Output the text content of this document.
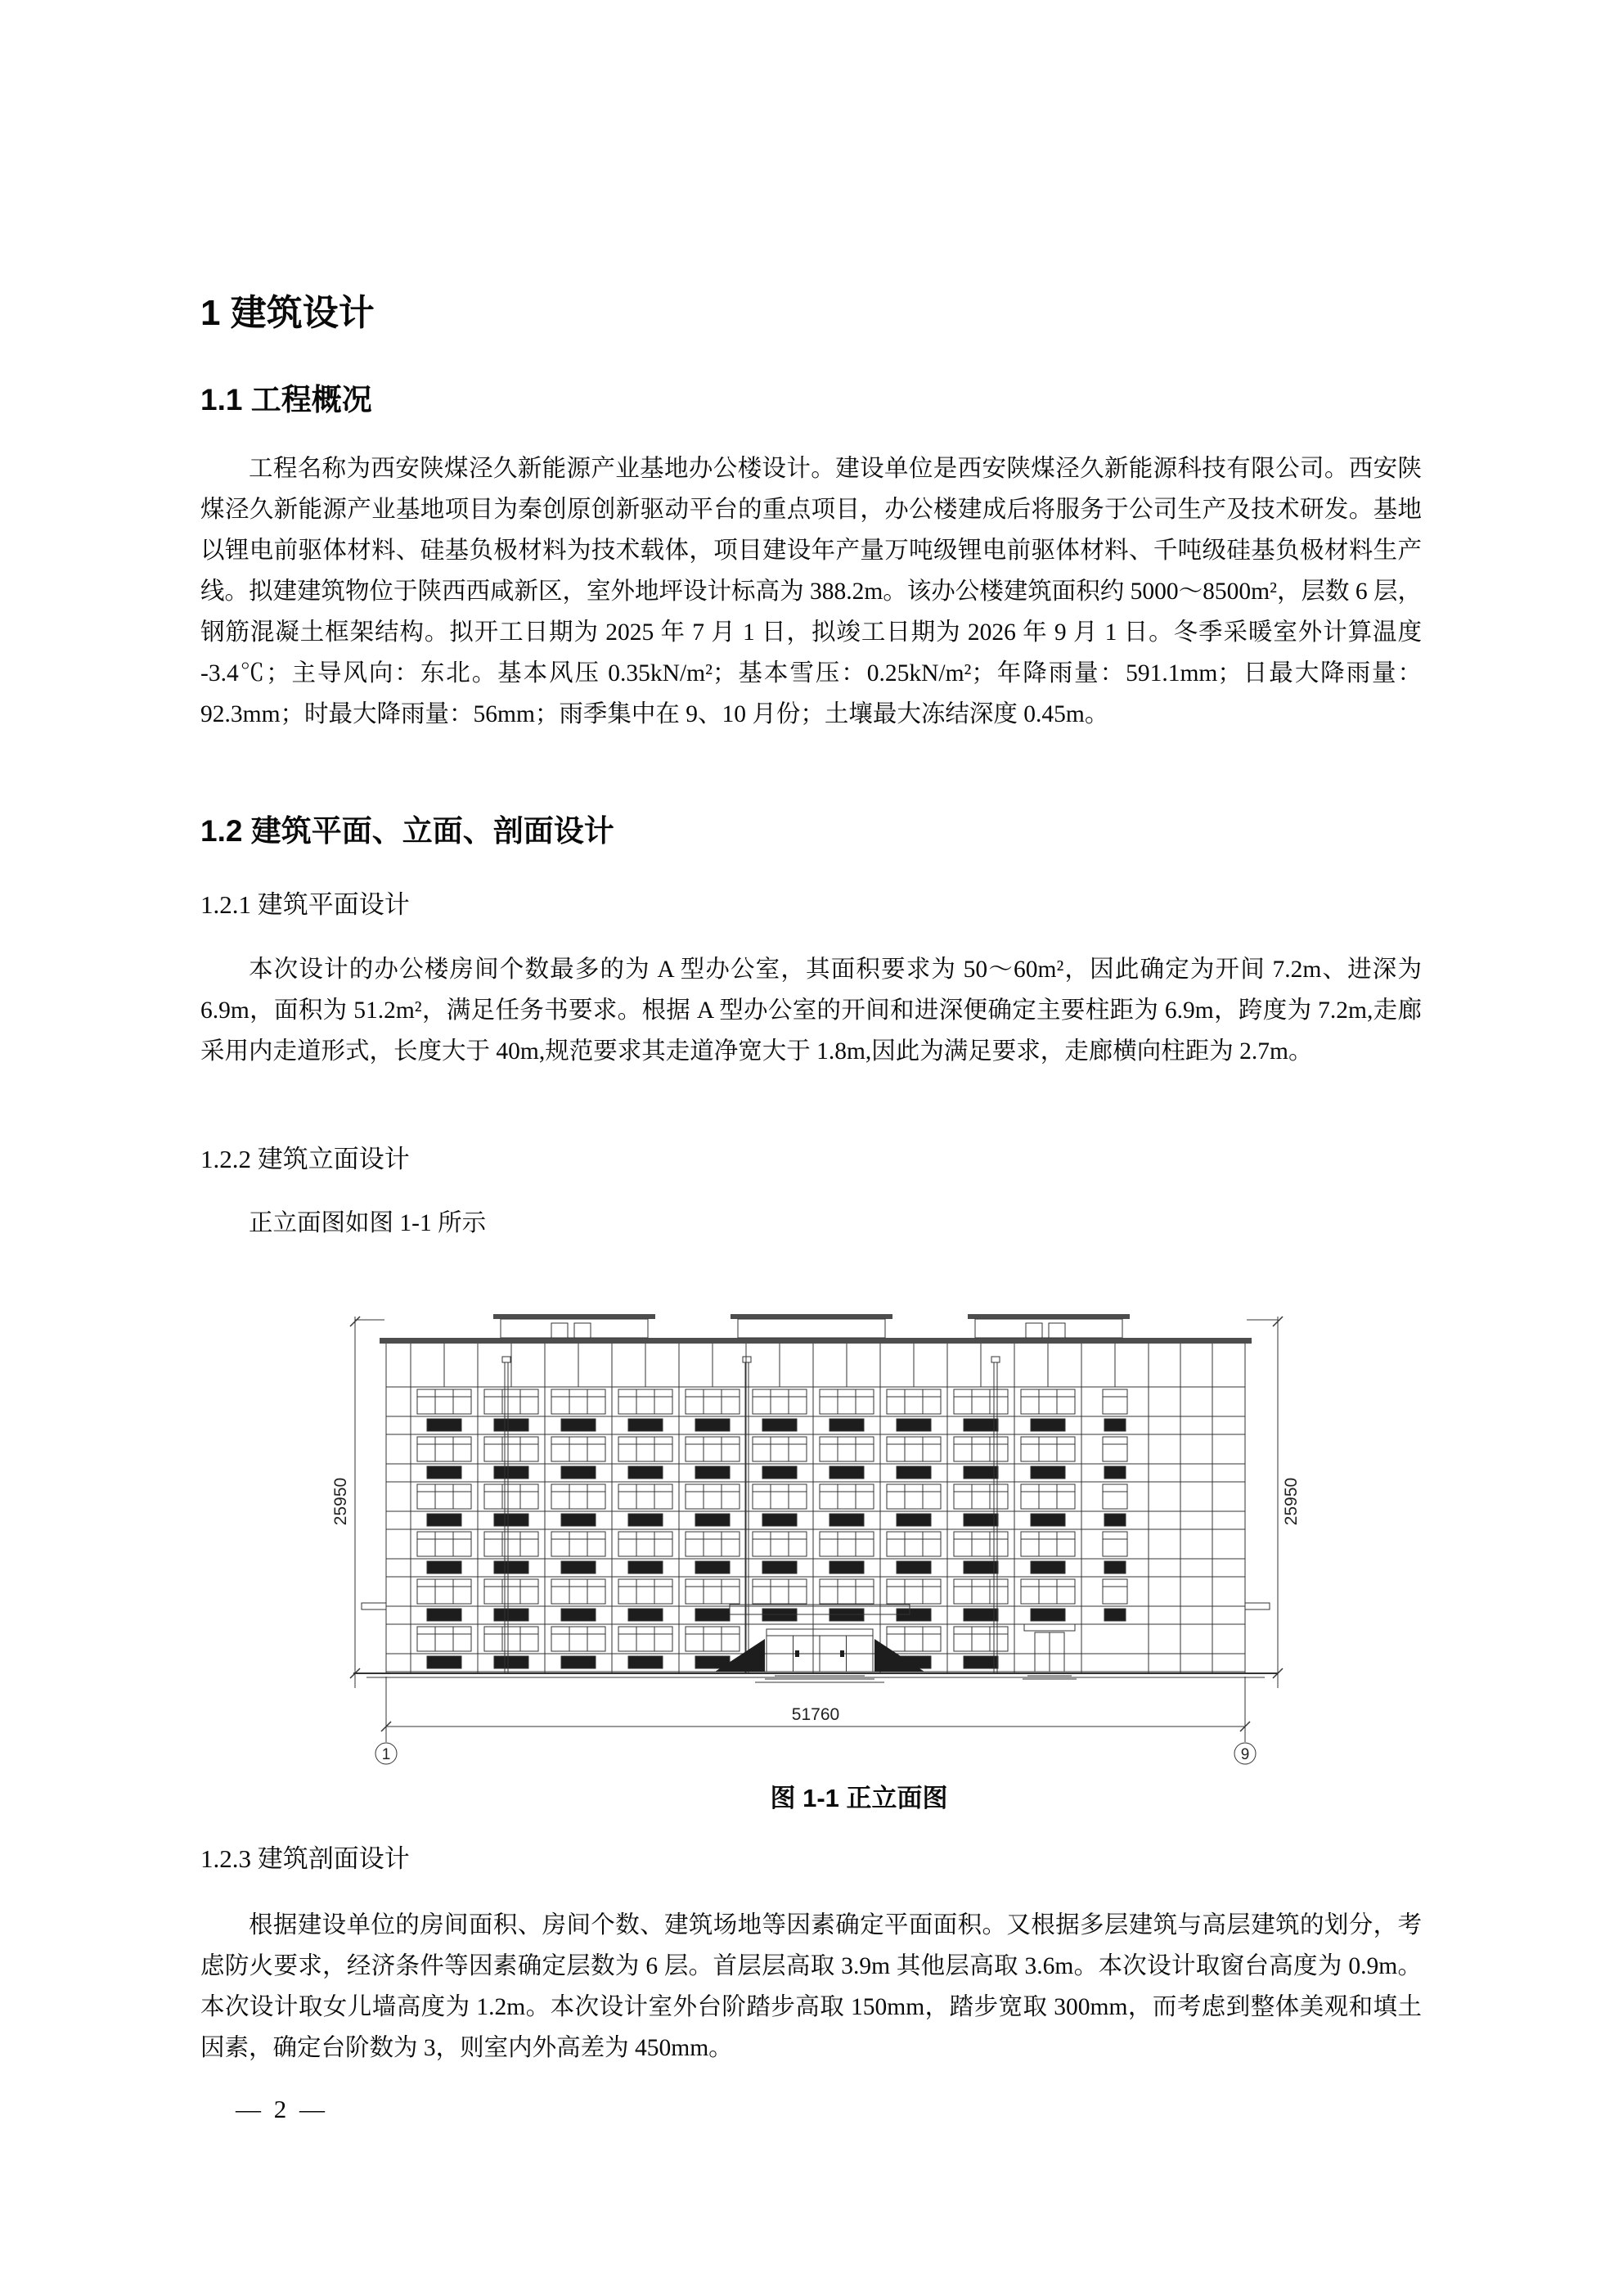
1 建筑设计
1.1 工程概况
工程名称为西安陕煤泾久新能源产业基地办公楼设计。建设单位是西安陕煤泾久新能源科技有限公司。西安陕煤泾久新能源产业基地项目为秦创原创新驱动平台的重点项目，办公楼建成后将服务于公司生产及技术研发。基地以锂电前驱体材料、硅基负极材料为技术载体，项目建设年产量万吨级锂电前驱体材料、千吨级硅基负极材料生产线。拟建建筑物位于陕西西咸新区，室外地坪设计标高为 388.2m。该办公楼建筑面积约 5000～8500m²，层数 6 层，钢筋混凝土框架结构。拟开工日期为 2025 年 7 月 1 日，拟竣工日期为 2026 年 9 月 1 日。冬季采暖室外计算温度 -3.4℃；主导风向：东北。基本风压 0.35kN/m²；基本雪压：0.25kN/m²；年降雨量：591.1mm；日最大降雨量：92.3mm；时最大降雨量：56mm；雨季集中在 9、10 月份；土壤最大冻结深度 0.45m。
1.2 建筑平面、立面、剖面设计
1.2.1 建筑平面设计
本次设计的办公楼房间个数最多的为 A 型办公室，其面积要求为 50～60m²，因此确定为开间 7.2m、进深为 6.9m，面积为 51.2m²，满足任务书要求。根据 A 型办公室的开间和进深便确定主要柱距为 6.9m，跨度为 7.2m,走廊采用内走道形式，长度大于 40m,规范要求其走道净宽大于 1.8m,因此为满足要求，走廊横向柱距为 2.7m。
1.2.2 建筑立面设计
正立面图如图 1-1 所示
25950	25950
51760
1	9
图 1-1 正立面图
1.2.3 建筑剖面设计
根据建设单位的房间面积、房间个数、建筑场地等因素确定平面面积。又根据多层建筑与高层建筑的划分，考虑防火要求，经济条件等因素确定层数为 6 层。首层层高取 3.9m 其他层高取 3.6m。本次设计取窗台高度为 0.9m。本次设计取女儿墙高度为 1.2m。本次设计室外台阶踏步高取 150mm，踏步宽取 300mm，而考虑到整体美观和填土因素，确定台阶数为 3，则室内外高差为 450mm。
— 2 —
